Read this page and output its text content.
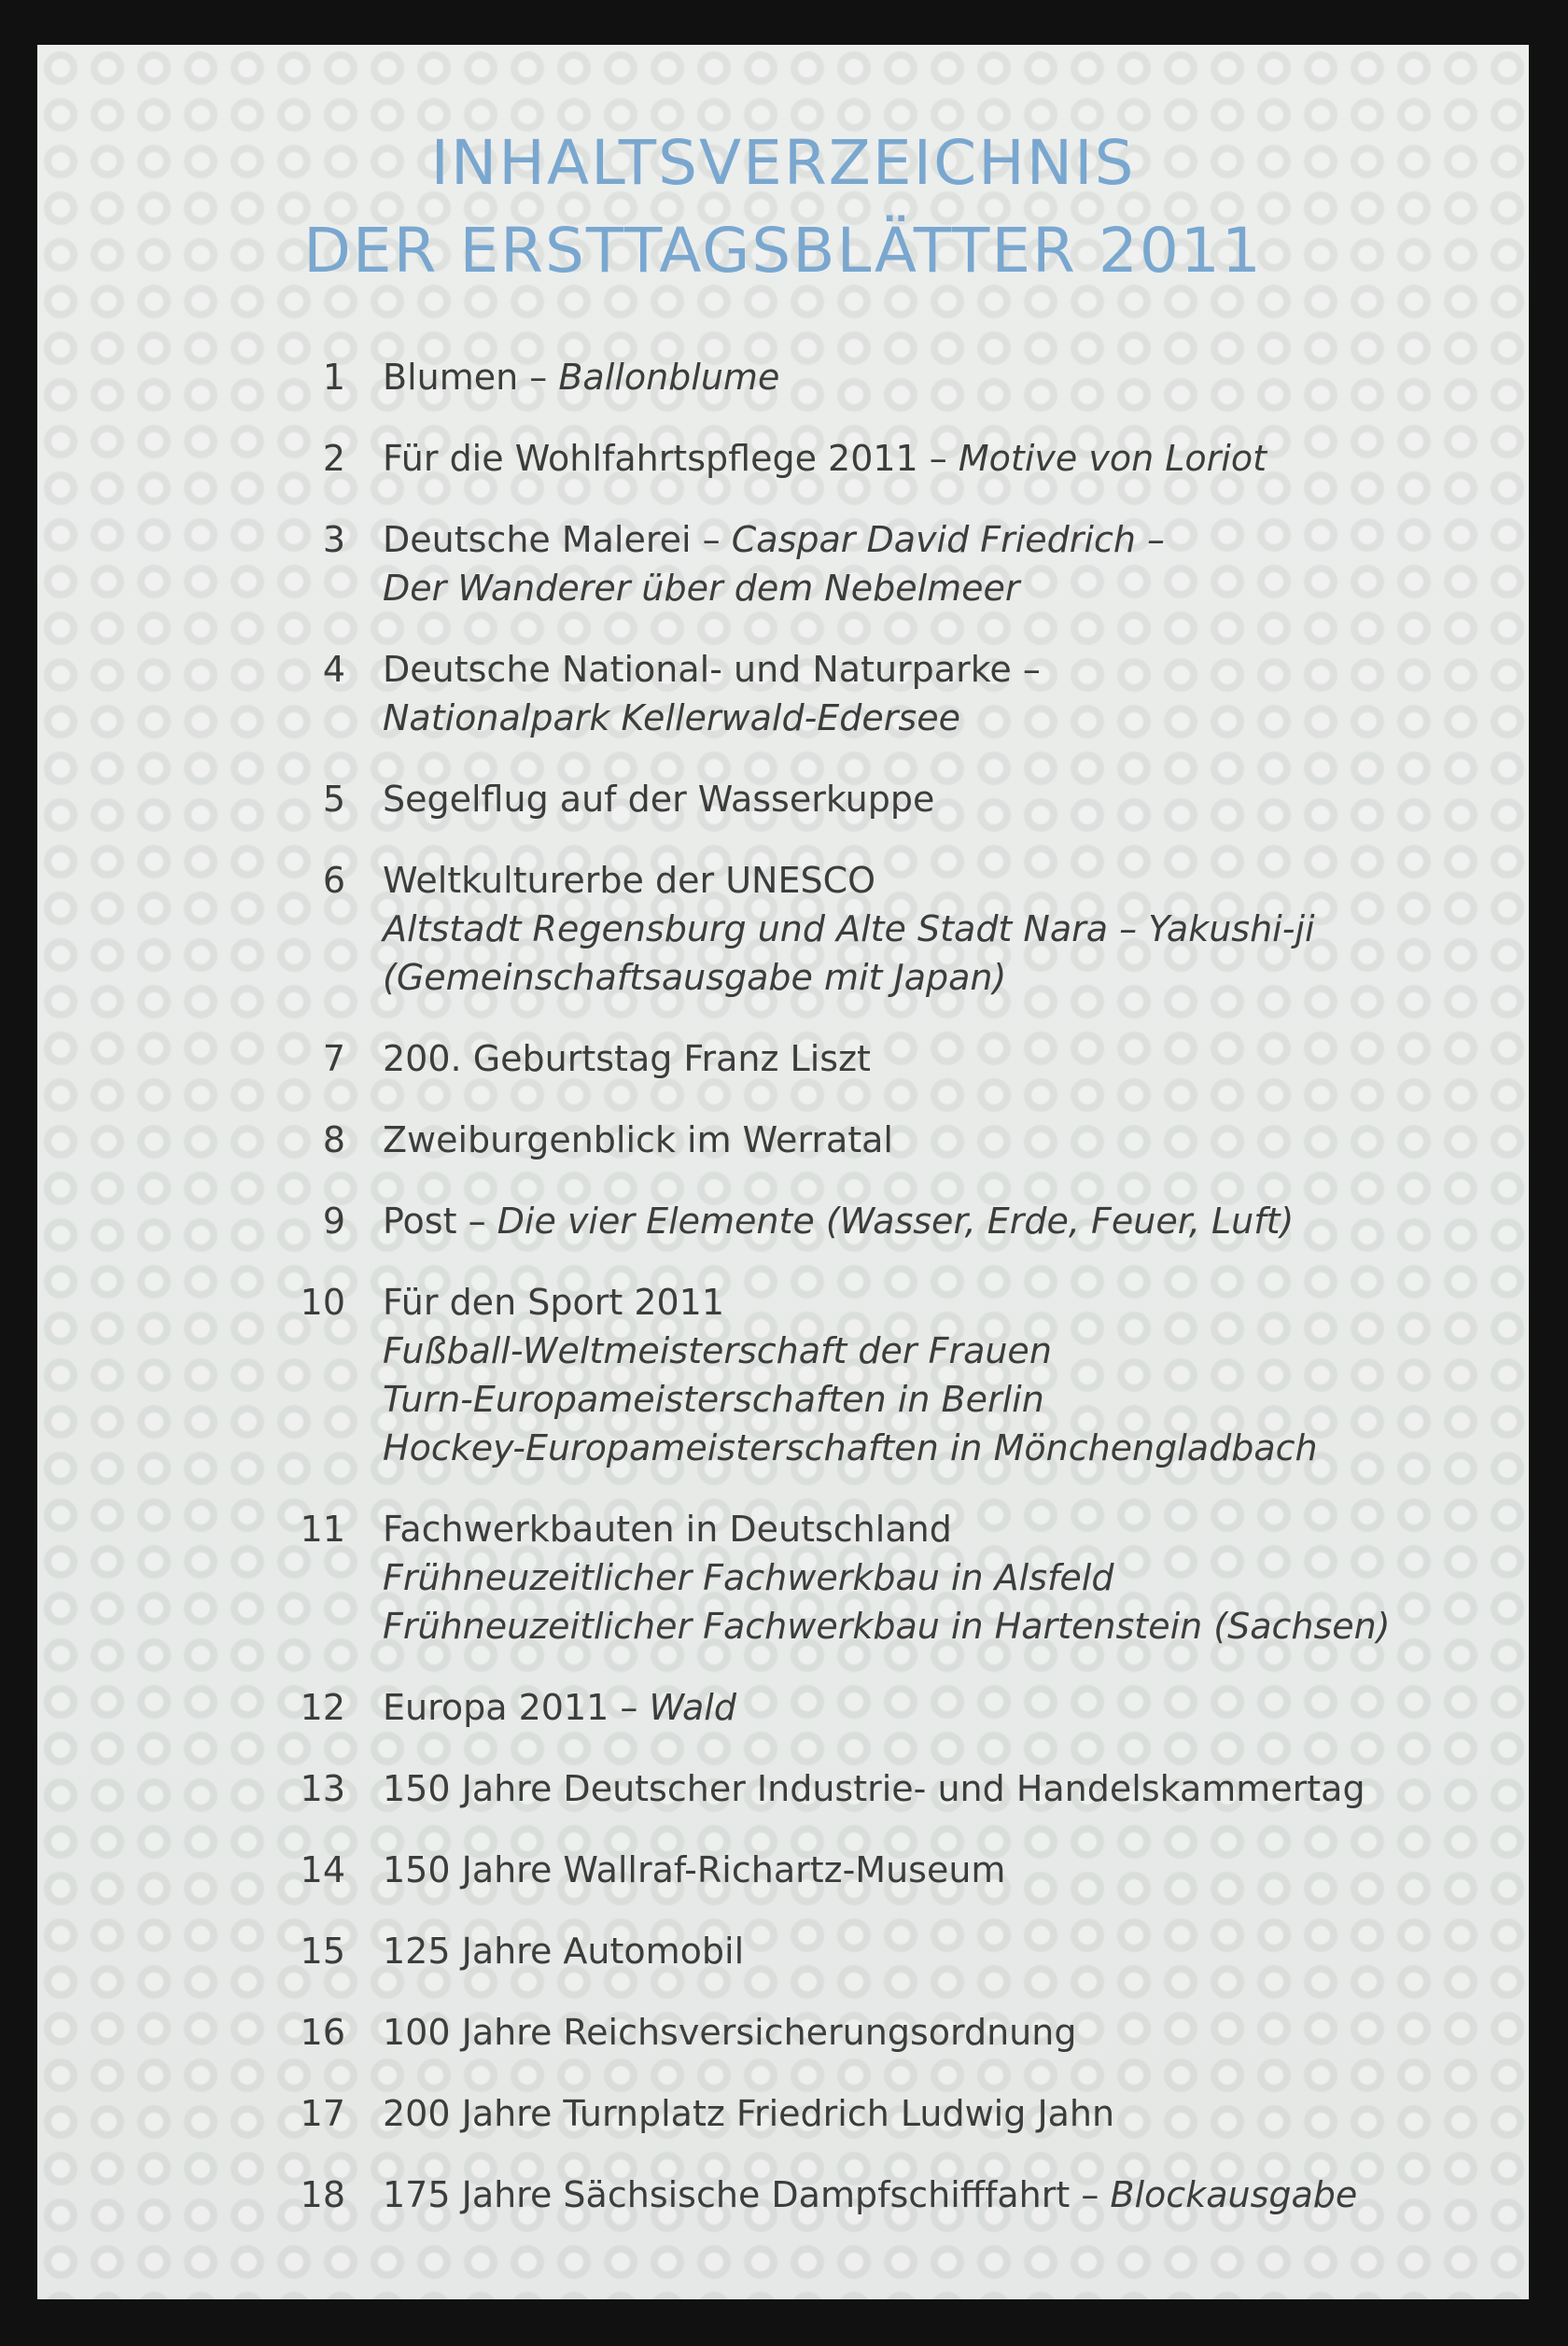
INHALTSVERZEICHNIS
DER ERSTTAGSBLÄTTER 2011
1 Blumen – Ballonblume
2 Für die Wohlfahrtspflege 2011 – Motive von Loriot
3 Deutsche Malerei – Caspar David Friedrich –
Der Wanderer über dem Nebelmeer
4 Deutsche National- und Naturparke –
Nationalpark Kellerwald-Edersee
5 Segelflug auf der Wasserkuppe
6 Weltkulturerbe der UNESCO
Altstadt Regensburg und Alte Stadt Nara – Yakushi-ji
(Gemeinschaftsausgabe mit Japan)
7 200. Geburtstag Franz Liszt
8 Zweiburgenblick im Werratal
9 Post – Die vier Elemente (Wasser, Erde, Feuer, Luft)
10 Für den Sport 2011
Fußball-Weltmeisterschaft der Frauen
Turn-Europameisterschaften in Berlin
Hockey-Europameisterschaften in Mönchengladbach
11 Fachwerkbauten in Deutschland
Frühneuzeitlicher Fachwerkbau in Alsfeld
Frühneuzeitlicher Fachwerkbau in Hartenstein (Sachsen)
12 Europa 2011 – Wald
13 150 Jahre Deutscher Industrie- und Handelskammertag
14 150 Jahre Wallraf-Richartz-Museum
15 125 Jahre Automobil
16 100 Jahre Reichsversicherungsordnung
17 200 Jahre Turnplatz Friedrich Ludwig Jahn
18 175 Jahre Sächsische Dampfschifffahrt – Blockausgabe
